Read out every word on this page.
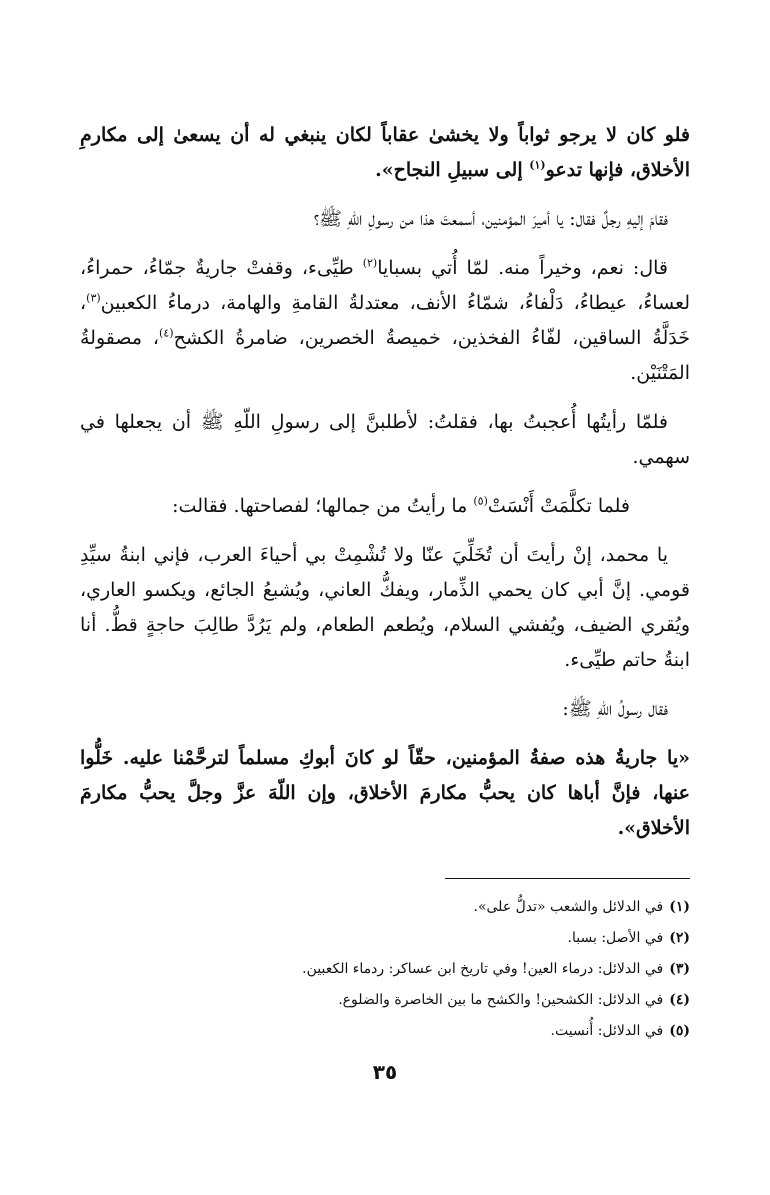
فلو كان لا يرجو ثواباً ولا يخشىٰ عقاباً لكان ينبغي له أن يسعىٰ إلى مكارمِ الأخلاق، فإنها تدعو$^{(١)}$ إلى سبيلِ النجاح».

فقامَ إليهِ رجلٌ فقال: يا أميرَ المؤمنين، أسمعتَ هذا من رسولِ اللّهِ ﷺ؟

قال: نعم، وخيراً منه. لمّا أُتي بسبايا$^{(٢)}$ طيِّىء، وقفتْ جاريةٌ جمّاءُ، حمراءُ، لعساءُ، عيطاءُ، دَلْفاءُ، شمّاءُ الأنف، معتدلةُ القامةِ والهامة، درماءُ الكعبين$^{(٣)}$، خَدَلَّةُ الساقين، لفّاءُ الفخذين، خميصةُ الخصرين، ضامرةُ الكشح$^{(٤)}$، مصقولةُ المَتْنَيْن.

فلمّا رأيتُها أُعجبتُ بها، فقلتُ: لأطلبنَّ إلى رسولِ اللّهِ ﷺ أن يجعلها في سهمي.

فلما تكلَّمَتْ أَنْسَتْ$^{(٥)}$ ما رأيتُ من جمالها؛ لفصاحتها. فقالت:

يا محمد، إنْ رأيتَ أن تُخَلِّيَ عنّا ولا تُشْمِتْ بي أحياءَ العرب، فإني ابنةُ سيِّدِ قومي. إنَّ أبي كان يحمي الذِّمار، ويفكُّ العاني، ويُشبعُ الجائع، ويكسو العاري، ويُقري الضيف، ويُفشي السلام، ويُطعم الطعام، ولم يَرُدَّ طالِبَ حاجةٍ قطُّ. أنا ابنةُ حاتم طيِّىء.

فقال رسولُ اللّهِ ﷺ:

«يا جاريةُ هذه صفةُ المؤمنين، حقّاً لو كانَ أبوكِ مسلماً لترحَّمْنا عليه. خَلُّوا عنها، فإنَّ أباها كان يحبُّ مكارمَ الأخلاق، وإن اللّهَ عزَّ وجلَّ يحبُّ مكارمَ الأخلاق».

(١)في الدلائل والشعب «تدلُّ على».
(٢)في الأصل: بسبا.
(٣)في الدلائل: درماء العين! وفي تاريخ ابن عساكر: ردماء الكعبين.
(٤)في الدلائل: الكشحين! والكشح ما بين الخاصرة والضلوع.
(٥)في الدلائل: أُنسيت.
٣٥
